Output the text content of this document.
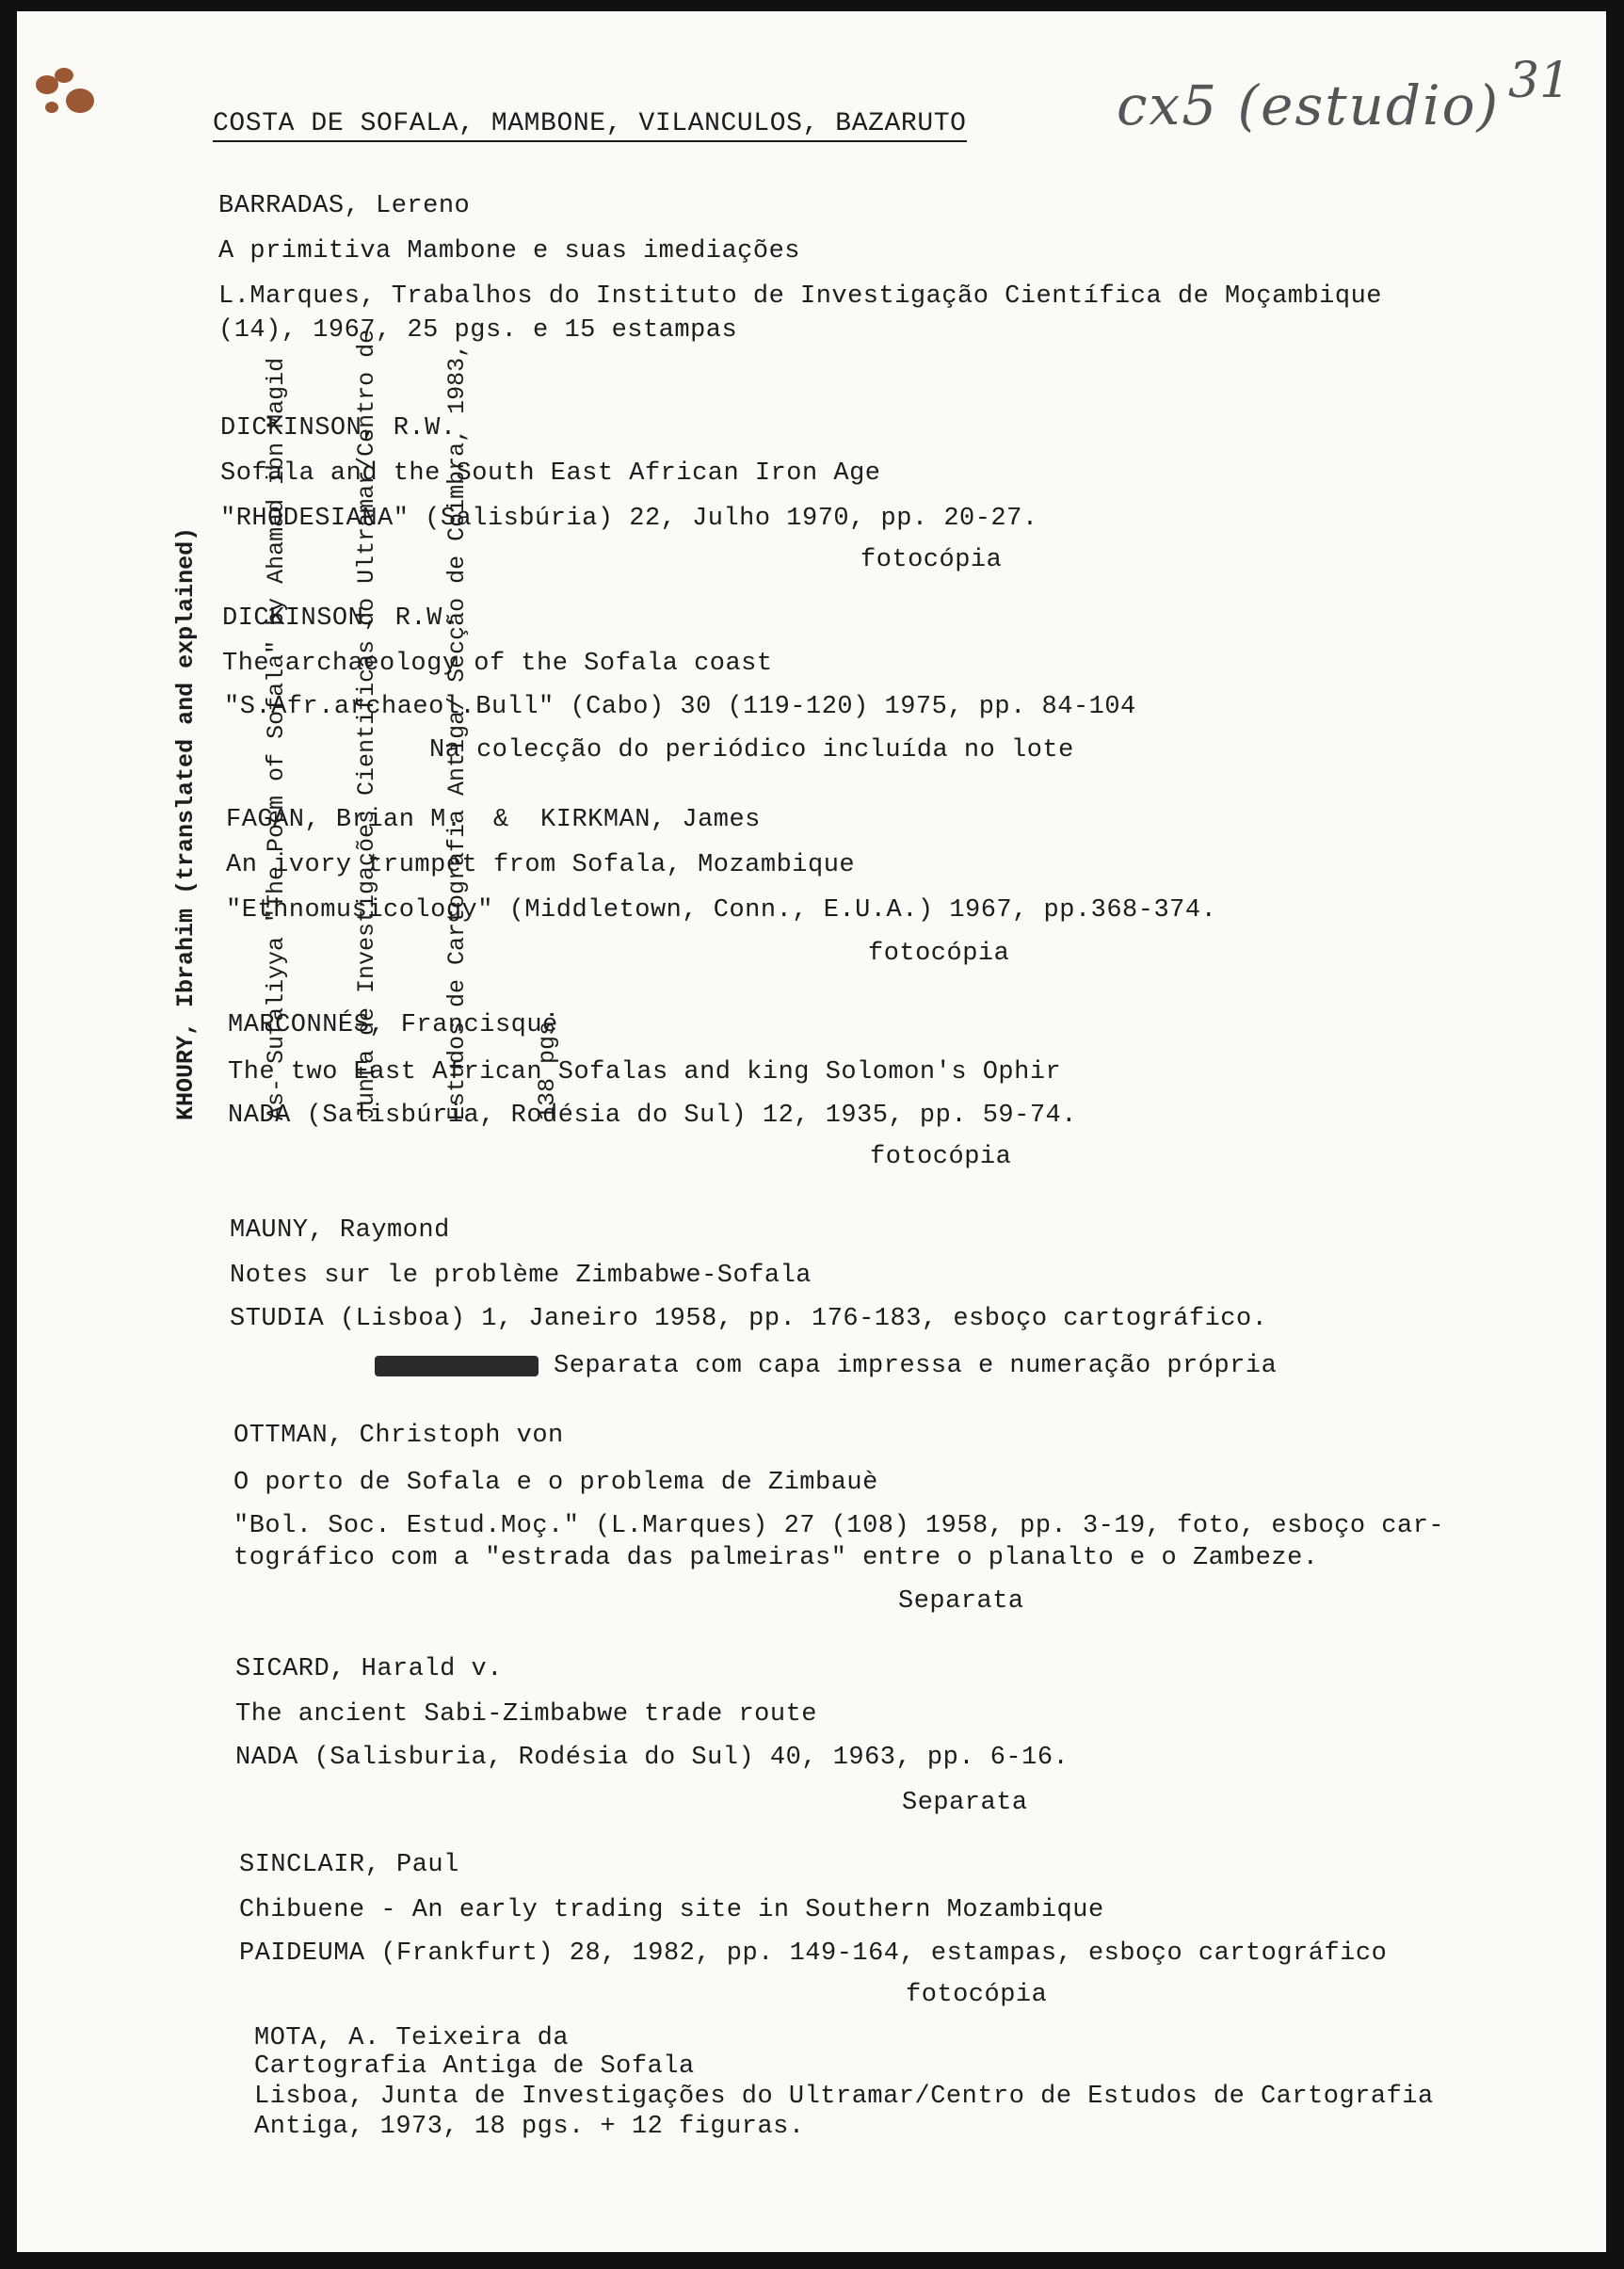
COSTA DE SOFALA, MAMBONE, VILANCULOS, BAZARUTO	cx5 (estudio) 31

KHOURY, Ibrahim (translated and explained)

	As- Sufaliyya "The Poem of Sofala" by Ahamad ibn Magid

	Junta de Investigações Cientificas do Ultramar/Centro de

	Estudos de Cartografia Antiga/ Secção de Coimbra, 1983,

	138 pgs.

BARRADAS, Lereno
A primitiva Mambone e suas imediações
L.Marques, Trabalhos do Instituto de Investigação Científica de Moçambique
(14), 1967, 25 pgs. e 15 estampas
DICKINSON, R.W.
Sofala and the South East African Iron Age
"RHODESIANA" (Salisbúria) 22, Julho 1970, pp. 20-27.
fotocópia
DICKINSON, R.W.
The archaeology of the Sofala coast
"S.Afr.archaeol.Bull" (Cabo) 30 (119-120) 1975, pp. 84-104
Na colecção do periódico incluída no lote
FAGAN, Brian M.  &  KIRKMAN, James
An ivory trumpet from Sofala, Mozambique
"Ethnomusicology" (Middletown, Conn., E.U.A.) 1967, pp.368-374.
fotocópia
MARCONNÉS, Francisque
The two East African Sofalas and king Solomon's Ophir
NADA (Salisbúria, Rodésia do Sul) 12, 1935, pp. 59-74.
fotocópia
MAUNY, Raymond
Notes sur le problème Zimbabwe-Sofala
STUDIA (Lisboa) 1, Janeiro 1958, pp. 176-183, esboço cartográfico.
Separata com capa impressa e numeração própria
OTTMAN, Christoph von
O porto de Sofala e o problema de Zimbauè
"Bol. Soc. Estud.Moç." (L.Marques) 27 (108) 1958, pp. 3-19, foto, esboço car-
tográfico com a "estrada das palmeiras" entre o planalto e o Zambeze.
Separata
SICARD, Harald v.
The ancient Sabi-Zimbabwe trade route
NADA (Salisburia, Rodésia do Sul) 40, 1963, pp. 6-16.
Separata
SINCLAIR, Paul
Chibuene - An early trading site in Southern Mozambique
PAIDEUMA (Frankfurt) 28, 1982, pp. 149-164, estampas, esboço cartográfico
fotocópia
MOTA, A. Teixeira da
Cartografia Antiga de Sofala
Lisboa, Junta de Investigações do Ultramar/Centro de Estudos de Cartografia
Antiga, 1973, 18 pgs. + 12 figuras.
